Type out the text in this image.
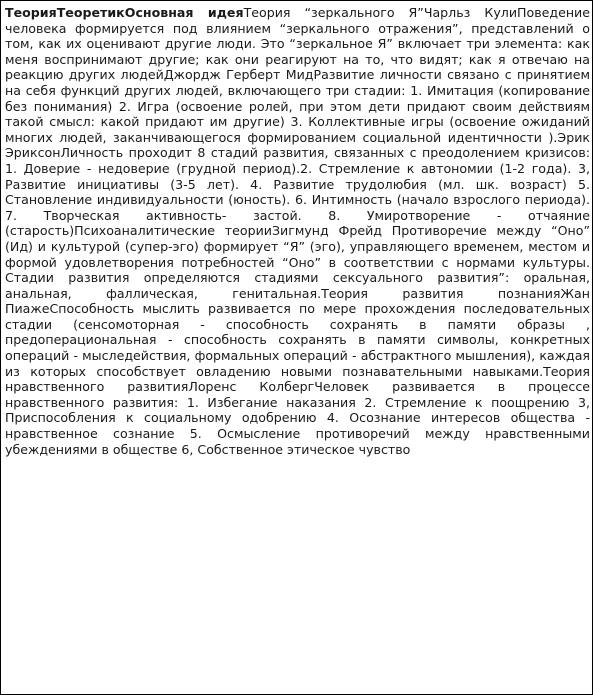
ТеорияТеоретикОсновная идеяТеория “зеркального Я”Чарльз КулиПоведение человека формируется под влиянием “зеркального отражения”, представлений о том, как их оценивают другие люди. Это “зеркальное Я” включает три элемента: как меня воспринимают другие; как они реагируют на то, что видят; как я отвечаю на реакцию других людейДжордж Герберт МидРазвитие личности связано с принятием на себя функций других людей, включающего три стадии: 1. Имитация (копирование без понимания) 2. Игра (освоение ролей, при этом дети придают своим действиям такой смысл: какой придают им другие) 3. Коллективные игры (освоение ожиданий многих людей, заканчивающегося формированием социальной идентичности ).Эрик ЭриксонЛичность проходит 8 стадий развития, связанных с преодолением кризисов: 1. Доверие - недоверие (грудной период).2. Стремление к автономии (1-2 года). 3, Развитие инициативы (3-5 лет). 4. Развитие трудолюбия (мл. шк. возраст) 5. Становление индивидуальности (юность). 6. Интимность (начало взрослого периода). 7. Творческая активность- застой. 8. Умиротворение - отчаяние (старость)Психоаналитические теорииЗигмунд Фрейд Противоречие между “Оно” (Ид) и культурой (супер-эго) формирует “Я” (эго), управляющего временем, местом и формой удовлетворения потребностей “Оно” в соответствии с нормами культуры. Стадии развития определяются стадиями сексуального развития”: оральная, анальная, фаллическая, генитальная.Теория развития познанияЖан ПиажеСпособность мыслить развивается по мере прохождения последовательных стадии (сенсомоторная - способность сохранять в памяти образы , предоперациональная - способность сохранять в памяти символы, конкретных операций - мыследействия, формальных операций - абстрактного мышления), каждая из которых способствует овладению новыми познавательными навыками.Теория нравственного развитияЛоренс КолбергЧеловек развивается в процессе нравственного развития: 1. Избегание наказания 2. Стремление к поощрению 3, Приспособления к социальному одобрению 4. Осознание интересов общества - нравственное сознание 5. Осмысление противоречий между нравственными убеждениями в обществе 6, Собственное этическое чувство
